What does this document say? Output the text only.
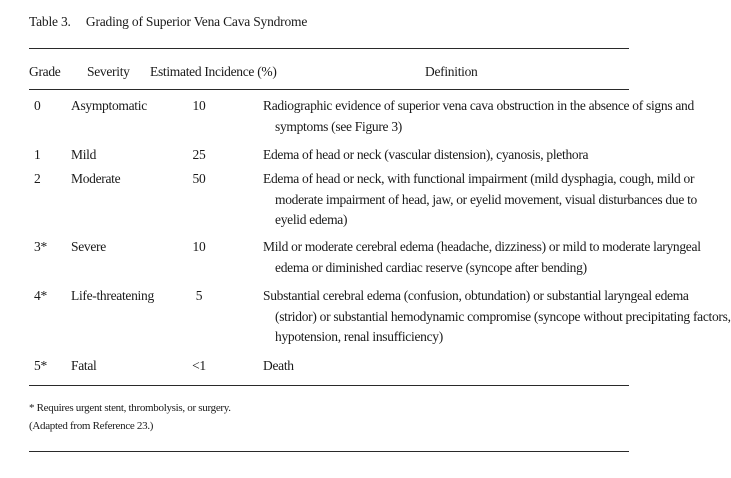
Table 3. Grading of Superior Vena Cava Syndrome
Grade Severity Estimated Incidence (%)	Definition
0 Asymptomatic	10	Radiographic evidence of superior vena cava obstruction in the absence of signs and
symptoms (see Figure 3)
1 Mild	25	Edema of head or neck (vascular distension), cyanosis, plethora
2 Moderate	50	Edema of head or neck, with functional impairment (mild dysphagia, cough, mild or
moderate impairment of head, jaw, or eyelid movement, visual disturbances due to
eyelid edema)
3* Severe	10	Mild or moderate cerebral edema (headache, dizziness) or mild to moderate laryngeal
edema or diminished cardiac reserve (syncope after bending)
4* Life-threatening	5	Substantial cerebral edema (confusion, obtundation) or substantial laryngeal edema
(stridor) or substantial hemodynamic compromise (syncope without precipitating factors,
hypotension, renal insufficiency)
5* Fatal	<1	Death
* Requires urgent stent, thrombolysis, or surgery.
(Adapted from Reference 23.)
